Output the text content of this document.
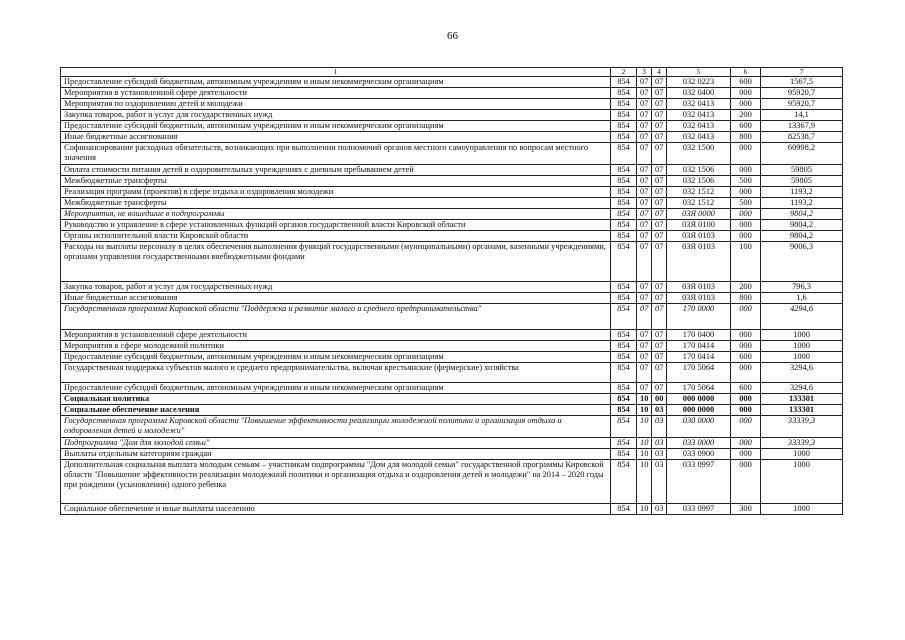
66
1	2	3	4	5	6	7
Предоставление субсидий бюджетным, автономным учреждениям и иным некоммерческим организациям	854	07	07	032 0223	600	1567,5
Мероприятия в установленной сфере деятельности	854	07	07	032 0400	000	95920,7
Мероприятия по оздоровлению детей и молодежи	854	07	07	032 0413	000	95920,7
Закупка товаров, работ и услуг для государственных нужд	854	07	07	032 0413	200	14,1
Предоставление субсидий бюджетным, автономным учреждениям и иным некоммерческим организациям	854	07	07	032 0413	600	13367,9
Иные бюджетные ассигнования	854	07	07	032 0413	800	82538,7
Софинансирование расходных обязательств, возникающих при выполнении полномочий органов местного самоуправления по вопросам местного значения	854	07	07	032 1500	000	60998,2
Оплата стоимости питания детей в оздоровительных учреждениях с дневным пребыванием детей	854	07	07	032 1506	000	59805
Межбюджетные трансферты	854	07	07	032 1506	500	59805
Реализация программ (проектов) в сфере отдыха и оздоровления молодежи	854	07	07	032 1512	000	1193,2
Межбюджетные трансферты	854	07	07	032 1512	500	1193,2
Мероприятия, не вошедшие в подпрограммы	854	07	07	03Я 0000	000	9804,2
Руководство и управление в сфере установленных функций органов государственной власти Кировской области	854	07	07	03Я 0100	000	9804,2
Органы исполнительной власти Кировской области	854	07	07	03Я 0103	000	9804,2
Расходы на выплаты персоналу в целях обеспечения выполнения функций государственными (муниципальными) органами, казенными учреждениями, органами управления государственными внебюджетными фондами	854	07	07	03Я 0103	100	9006,3
Закупка товаров, работ и услуг для государственных нужд	854	07	07	03Я 0103	200	796,3
Иные бюджетные ассигнования	854	07	07	03Я 0103	800	1,6
Государственная программа Кировской области "Поддержка и развитие малого и среднего предпринимательства"	854	07	07	170 0000	000	4294,6
Мероприятия в установленной сфере деятельности	854	07	07	170 0400	000	1000
Мероприятия в сфере молодежной политики	854	07	07	170 0414	000	1000
Предоставление субсидий бюджетным, автономным учреждениям и иным некоммерческим организациям	854	07	07	170 0414	600	1000
Государственная поддержка субъектов малого и среднего предпринимательства, включая крестьянские (фермерские) хозяйства	854	07	07	170 5064	000	3294,6
Предоставление субсидий бюджетным, автономным учреждениям и иным некоммерческим организациям	854	07	07	170 5064	600	3294,6
Социальная политика	854	10	00	000 0000	000	133301
Социальное обеспечение населения	854	10	03	000 0000	000	133301
Государственная программа Кировской области "Повышение эффективности реализации молодежной политики и организация отдыха и оздоровления детей и молодежи"	854	10	03	030 0000	000	33339,3
Подпрограмма "Дом для молодой семьи"	854	10	03	033 0000	000	33339,3
Выплаты отдельным категориям граждан	854	10	03	033 0900	000	1000
Дополнительная социальная выплата молодым семьям – участникам подпрограммы "Дом для молодой семьи" государственной программы Кировской области "Повышение эффективности реализации молодежной политики и организация отдыха и оздоровления детей и молодежи" на 2014 – 2020 годы при рождении (усыновлении) одного ребенка	854	10	03	033 0997	000	1000
Социальное обеспечение и иные выплаты населению	854	10	03	033 0997	300	1000
